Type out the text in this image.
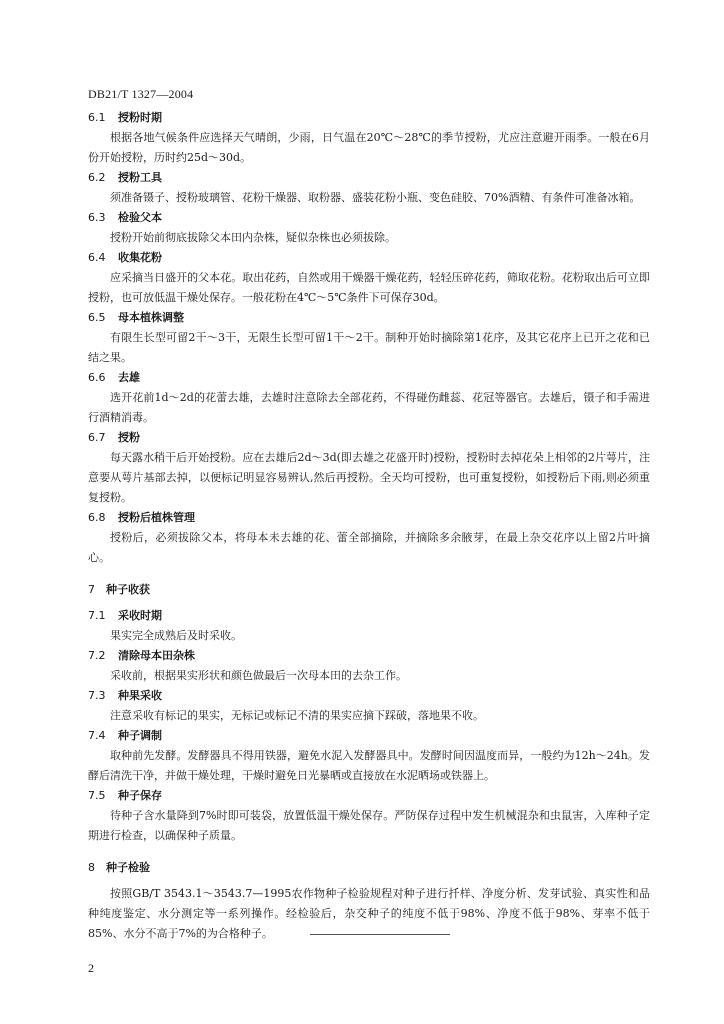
DB21/T 1327—2004
6.1 授粉时期

根据各地气候条件应选择天气晴朗，少雨，日气温在20℃～28℃的季节授粉，尤应注意避开雨季。一般在6月份开始授粉，历时约25d～30d。

6.2 授粉工具

须准备镊子、授粉玻璃管、花粉干燥器、取粉器、盛装花粉小瓶、变色硅胶、70%酒精、有条件可准备冰箱。

6.3 检验父本

授粉开始前彻底拔除父本田内杂株，疑似杂株也必须拔除。

6.4 收集花粉

应采摘当日盛开的父本花。取出花药，自然或用干燥器干燥花药，轻轻压碎花药，筛取花粉。花粉取出后可立即授粉，也可放低温干燥处保存。一般花粉在4℃～5℃条件下可保存30d。

6.5 母本植株调整

有限生长型可留2干～3干，无限生长型可留1干～2干。制种开始时摘除第1花序，及其它花序上已开之花和已结之果。

6.6 去雄

选开花前1d～2d的花蕾去雄，去雄时注意除去全部花药，不得碰伤雌蕊、花冠等器官。去雄后，镊子和手需进行酒精消毒。

6.7 授粉

每天露水稍干后开始授粉。应在去雄后2d～3d(即去雄之花盛开时)授粉，授粉时去掉花朵上相邻的2片萼片，注意要从萼片基部去掉，以便标记明显容易辨认,然后再授粉。全天均可授粉，也可重复授粉，如授粉后下雨,则必须重复授粉。

6.8 授粉后植株管理

授粉后，必须拔除父本，将母本未去雄的花、蕾全部摘除，并摘除多余腋芽，在最上杂交花序以上留2片叶摘心。

7 种子收获
7.1 采收时期

果实完全成熟后及时采收。

7.2 清除母本田杂株

采收前，根据果实形状和颜色做最后一次母本田的去杂工作。

7.3 种果采收

注意采收有标记的果实，无标记或标记不清的果实应摘下踩破，落地果不收。

7.4 种子调制

取种前先发酵。发酵器具不得用铁器，避免水泥入发酵器具中。发酵时间因温度而异，一般约为12h～24h。发酵后清洗干净，并做干燥处理，干燥时避免日光暴晒或直接放在水泥晒场或铁器上。

7.5 种子保存

待种子含水量降到7%时即可装袋，放置低温干燥处保存。严防保存过程中发生机械混杂和虫鼠害，入库种子定期进行检查，以确保种子质量。

8 种子检验

按照GB/T 3543.1～3543.7—1995农作物种子检验规程对种子进行扦样、净度分析、发芽试验、真实性和品种纯度鉴定、水分测定等一系列操作。经检验后，杂交种子的纯度不低于98%、净度不低于98%、芽率不低于85%、水分不高于7%的为合格种子。

2
